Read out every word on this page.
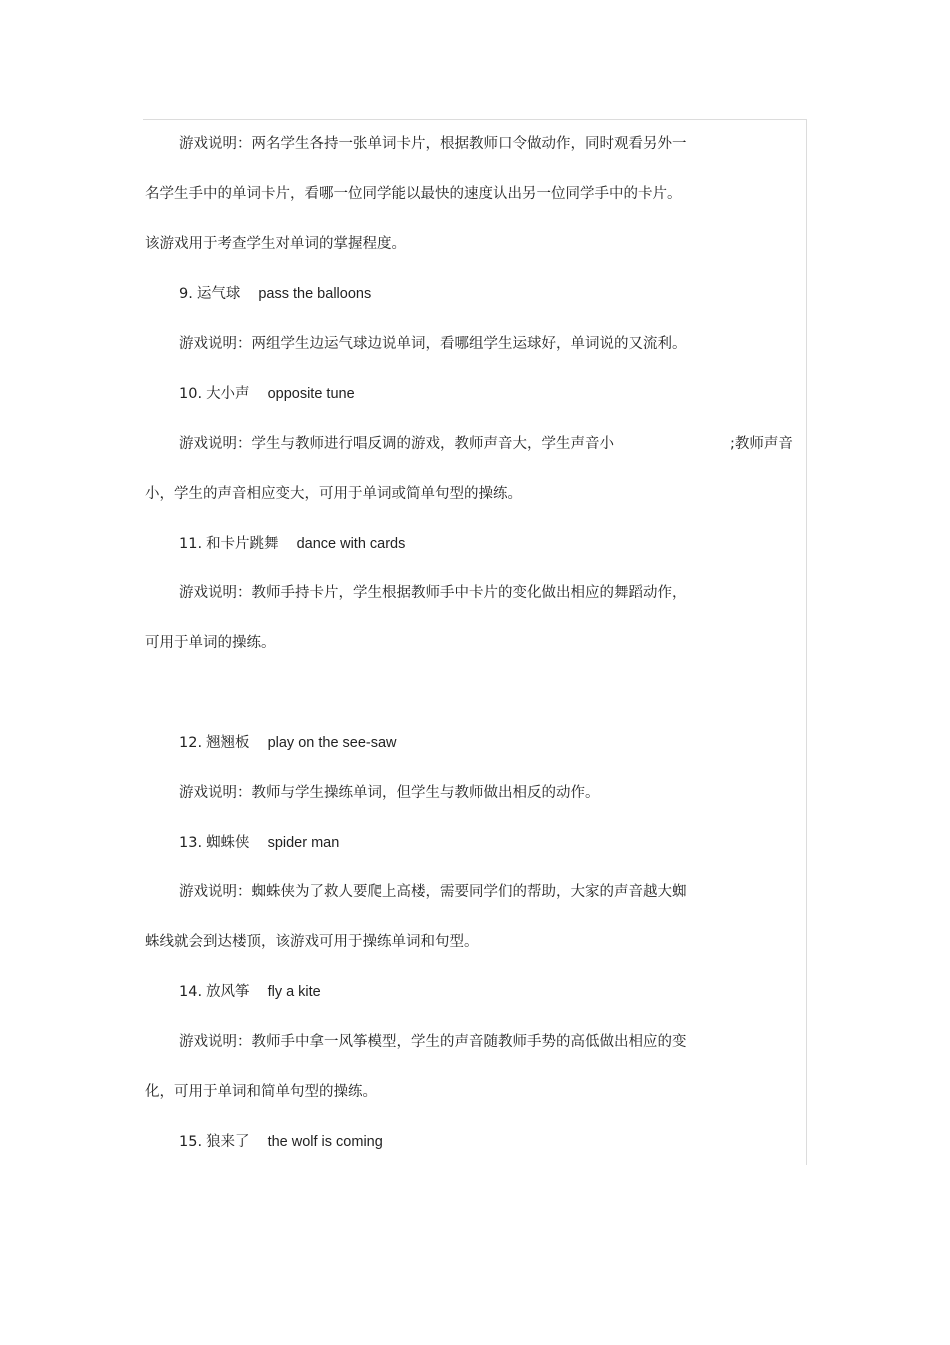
游戏说明：两名学生各持一张单词卡片，根据教师口令做动作，同时观看另外一
名学生手中的单词卡片，看哪一位同学能以最快的速度认出另一位同学手中的卡片。
该游戏用于考查学生对单词的掌握程度。
9. 运气球 pass the balloons
游戏说明：两组学生边运气球边说单词，看哪组学生运球好，单词说的又流利。
10. 大小声 opposite tune
游戏说明：学生与教师进行唱反调的游戏，教师声音大，学生声音小	;教师声音
小，学生的声音相应变大，可用于单词或简单句型的操练。
11. 和卡片跳舞 dance with cards
游戏说明：教师手持卡片，学生根据教师手中卡片的变化做出相应的舞蹈动作，
可用于单词的操练。
12. 翘翘板 play on the see-saw
游戏说明：教师与学生操练单词，但学生与教师做出相反的动作。
13. 蜘蛛侠 spider man
游戏说明：蜘蛛侠为了救人要爬上高楼，需要同学们的帮助，大家的声音越大蜘
蛛线就会到达楼顶，该游戏可用于操练单词和句型。
14. 放风筝 fly a kite
游戏说明：教师手中拿一风筝模型，学生的声音随教师手势的高低做出相应的变
化，可用于单词和简单句型的操练。
15. 狼来了 the wolf is coming
